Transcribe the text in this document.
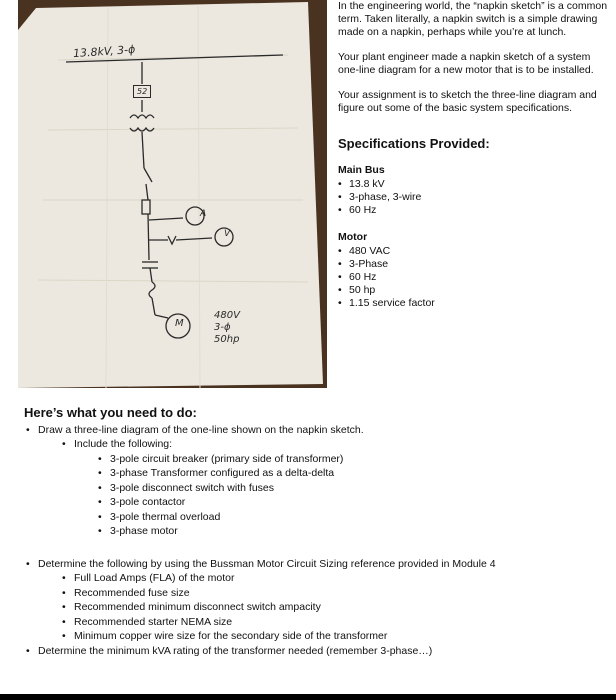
13.8kV, 3-ϕ
52
A
V
M
480V
3-ϕ
50hp

In the engineering world, the “napkin sketch” is a common term. Taken literally, a napkin switch is a simple drawing made on a napkin, perhaps while you’re at lunch.

Your plant engineer made a napkin sketch of a system one-line diagram for a new motor that is to be installed.

Your assignment is to sketch the three-line diagram and figure out some of the basic system specifications.

Specifications Provided:
Main Bus
• 13.8 kV
• 3-phase, 3-wire
• 60 Hz
Motor
• 480 VAC
• 3-Phase
• 60 Hz
• 50 hp
• 1.15 service factor
Here’s what you need to do:
• Draw a three-line diagram of the one-line shown on the napkin sketch.
• Include the following:
• 3-pole circuit breaker (primary side of transformer)
• 3-phase Transformer configured as a delta-delta
• 3-pole disconnect switch with fuses
• 3-pole contactor
• 3-pole thermal overload
• 3-phase motor
• Determine the following by using the Bussman Motor Circuit Sizing reference provided in Module 4
• Full Load Amps (FLA) of the motor
• Recommended fuse size
• Recommended minimum disconnect switch ampacity
• Recommended starter NEMA size
• Minimum copper wire size for the secondary side of the transformer
• Determine the minimum kVA rating of the transformer needed (remember 3-phase…)
